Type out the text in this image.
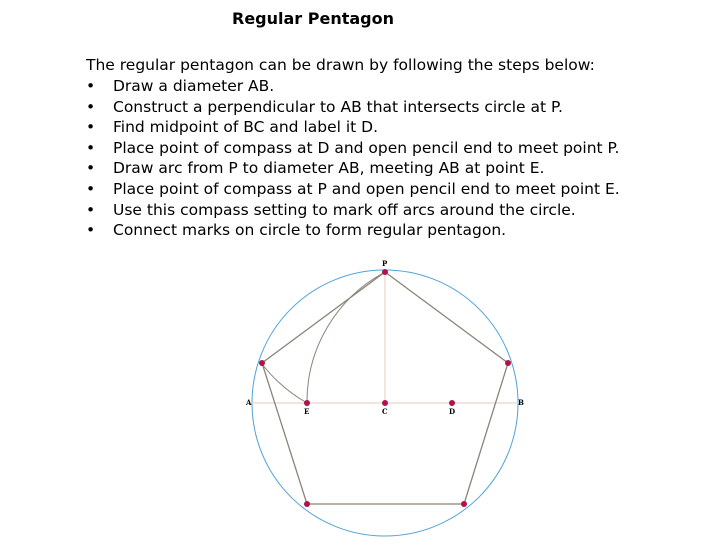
Regular Pentagon
The regular pentagon can be drawn by following the steps below:
•	Draw a diameter AB.
•	Construct a perpendicular to AB that intersects circle at P.
•	Find midpoint of BC and label it D.
•	Place point of compass at D and open pencil end to meet point P.
•	Draw arc from P to diameter AB, meeting AB at point E.
•	Place point of compass at P and open pencil end to meet point E.
•	Use this compass setting to mark off arcs around the circle.
•	Connect marks on circle to form regular pentagon.
P
A	B
E	C	D
